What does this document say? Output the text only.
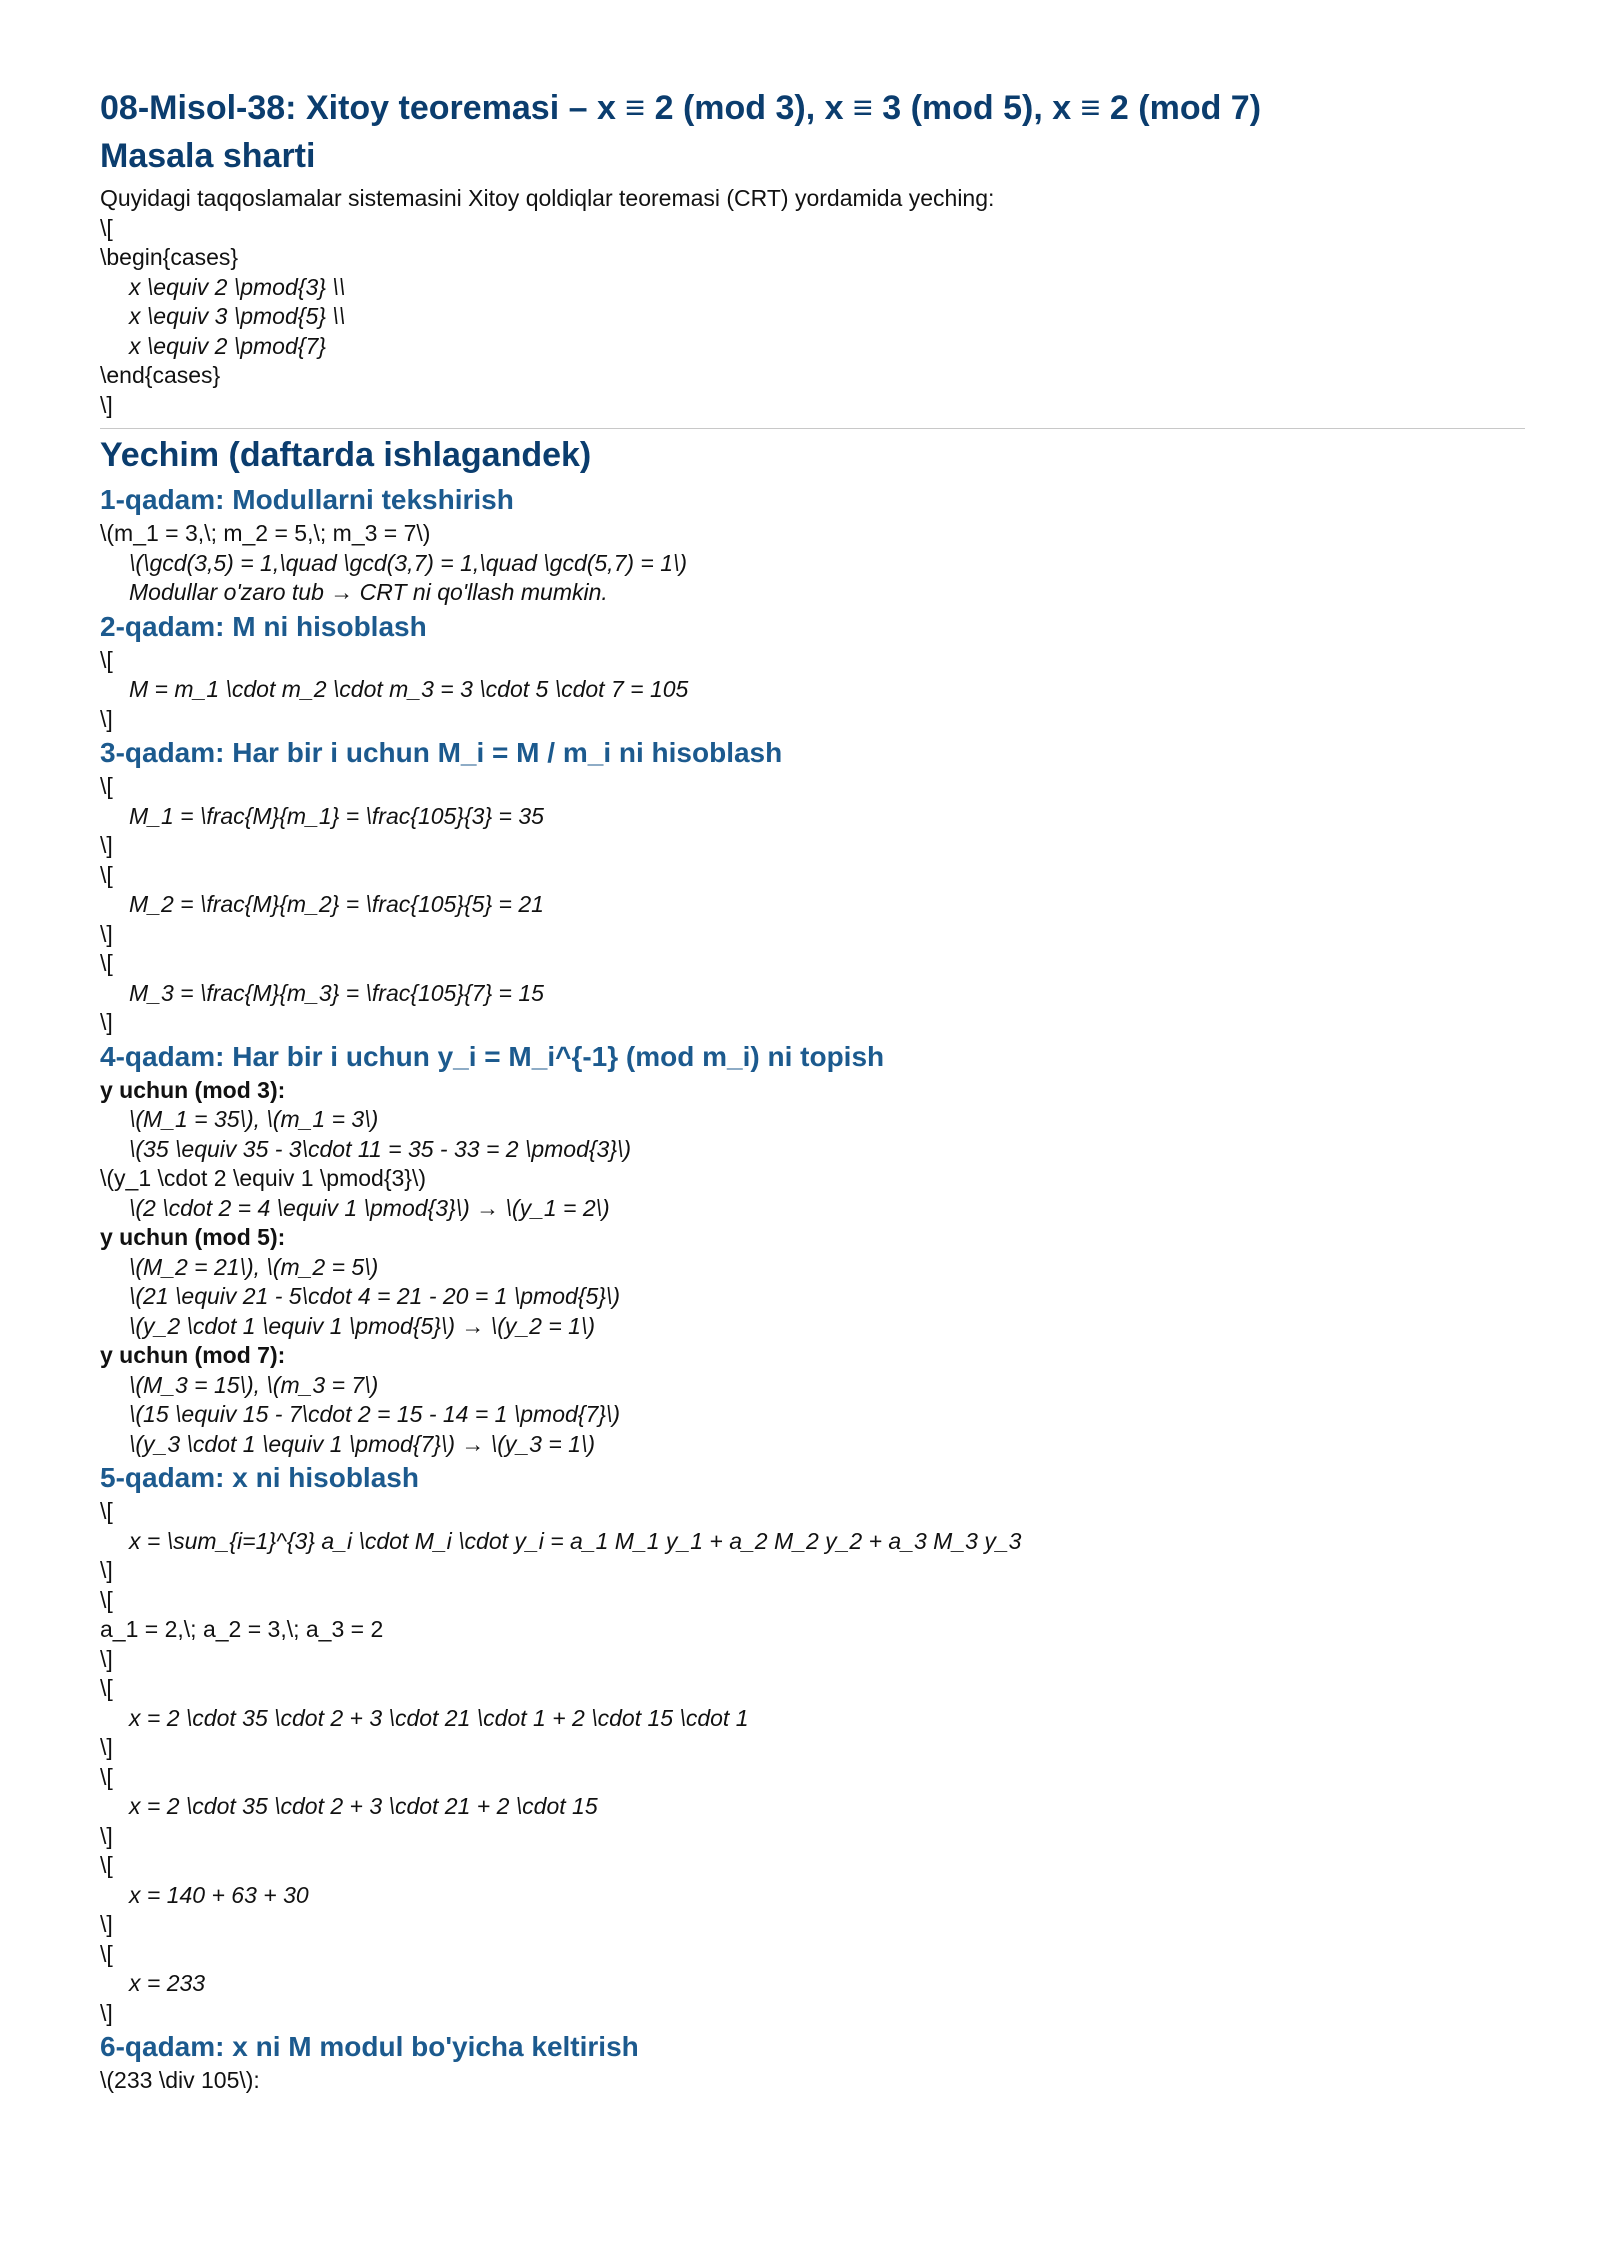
08-Misol-38: Xitoy teoremasi – x ≡ 2 (mod 3), x ≡ 3 (mod 5), x ≡ 2 (mod 7)
Masala sharti
Quyidagi taqqoslamalar sistemasini Xitoy qoldiqlar teoremasi (CRT) yordamida yeching:
\[
\begin{cases}
x \equiv 2 \pmod{3} \\
x \equiv 3 \pmod{5} \\
x \equiv 2 \pmod{7}
\end{cases}
\]
Yechim (daftarda ishlagandek)
1-qadam: Modullarni tekshirish
\(m_1 = 3,\; m_2 = 5,\; m_3 = 7\)
\(\gcd(3,5) = 1,\quad \gcd(3,7) = 1,\quad \gcd(5,7) = 1\)
Modullar o'zaro tub → CRT ni qo'llash mumkin.
2-qadam: M ni hisoblash
\[
M = m_1 \cdot m_2 \cdot m_3 = 3 \cdot 5 \cdot 7 = 105
\]
3-qadam: Har bir i uchun M_i = M / m_i ni hisoblash
\[
M_1 = \frac{M}{m_1} = \frac{105}{3} = 35
\]
\[
M_2 = \frac{M}{m_2} = \frac{105}{5} = 21
\]
\[
M_3 = \frac{M}{m_3} = \frac{105}{7} = 15
\]
4-qadam: Har bir i uchun y_i = M_i^{-1} (mod m_i) ni topish
y uchun (mod 3):
\(M_1 = 35\), \(m_1 = 3\)
\(35 \equiv 35 - 3\cdot 11 = 35 - 33 = 2 \pmod{3}\)
\(y_1 \cdot 2 \equiv 1 \pmod{3}\)
\(2 \cdot 2 = 4 \equiv 1 \pmod{3}\) → \(y_1 = 2\)
y uchun (mod 5):
\(M_2 = 21\), \(m_2 = 5\)
\(21 \equiv 21 - 5\cdot 4 = 21 - 20 = 1 \pmod{5}\)
\(y_2 \cdot 1 \equiv 1 \pmod{5}\) → \(y_2 = 1\)
y uchun (mod 7):
\(M_3 = 15\), \(m_3 = 7\)
\(15 \equiv 15 - 7\cdot 2 = 15 - 14 = 1 \pmod{7}\)
\(y_3 \cdot 1 \equiv 1 \pmod{7}\) → \(y_3 = 1\)
5-qadam: x ni hisoblash
\[
x = \sum_{i=1}^{3} a_i \cdot M_i \cdot y_i = a_1 M_1 y_1 + a_2 M_2 y_2 + a_3 M_3 y_3
\]
\[
a_1 = 2,\; a_2 = 3,\; a_3 = 2
\]
\[
x = 2 \cdot 35 \cdot 2 + 3 \cdot 21 \cdot 1 + 2 \cdot 15 \cdot 1
\]
\[
x = 2 \cdot 35 \cdot 2 + 3 \cdot 21 + 2 \cdot 15
\]
\[
x = 140 + 63 + 30
\]
\[
x = 233
\]
6-qadam: x ni M modul bo'yicha keltirish
\(233 \div 105\):
